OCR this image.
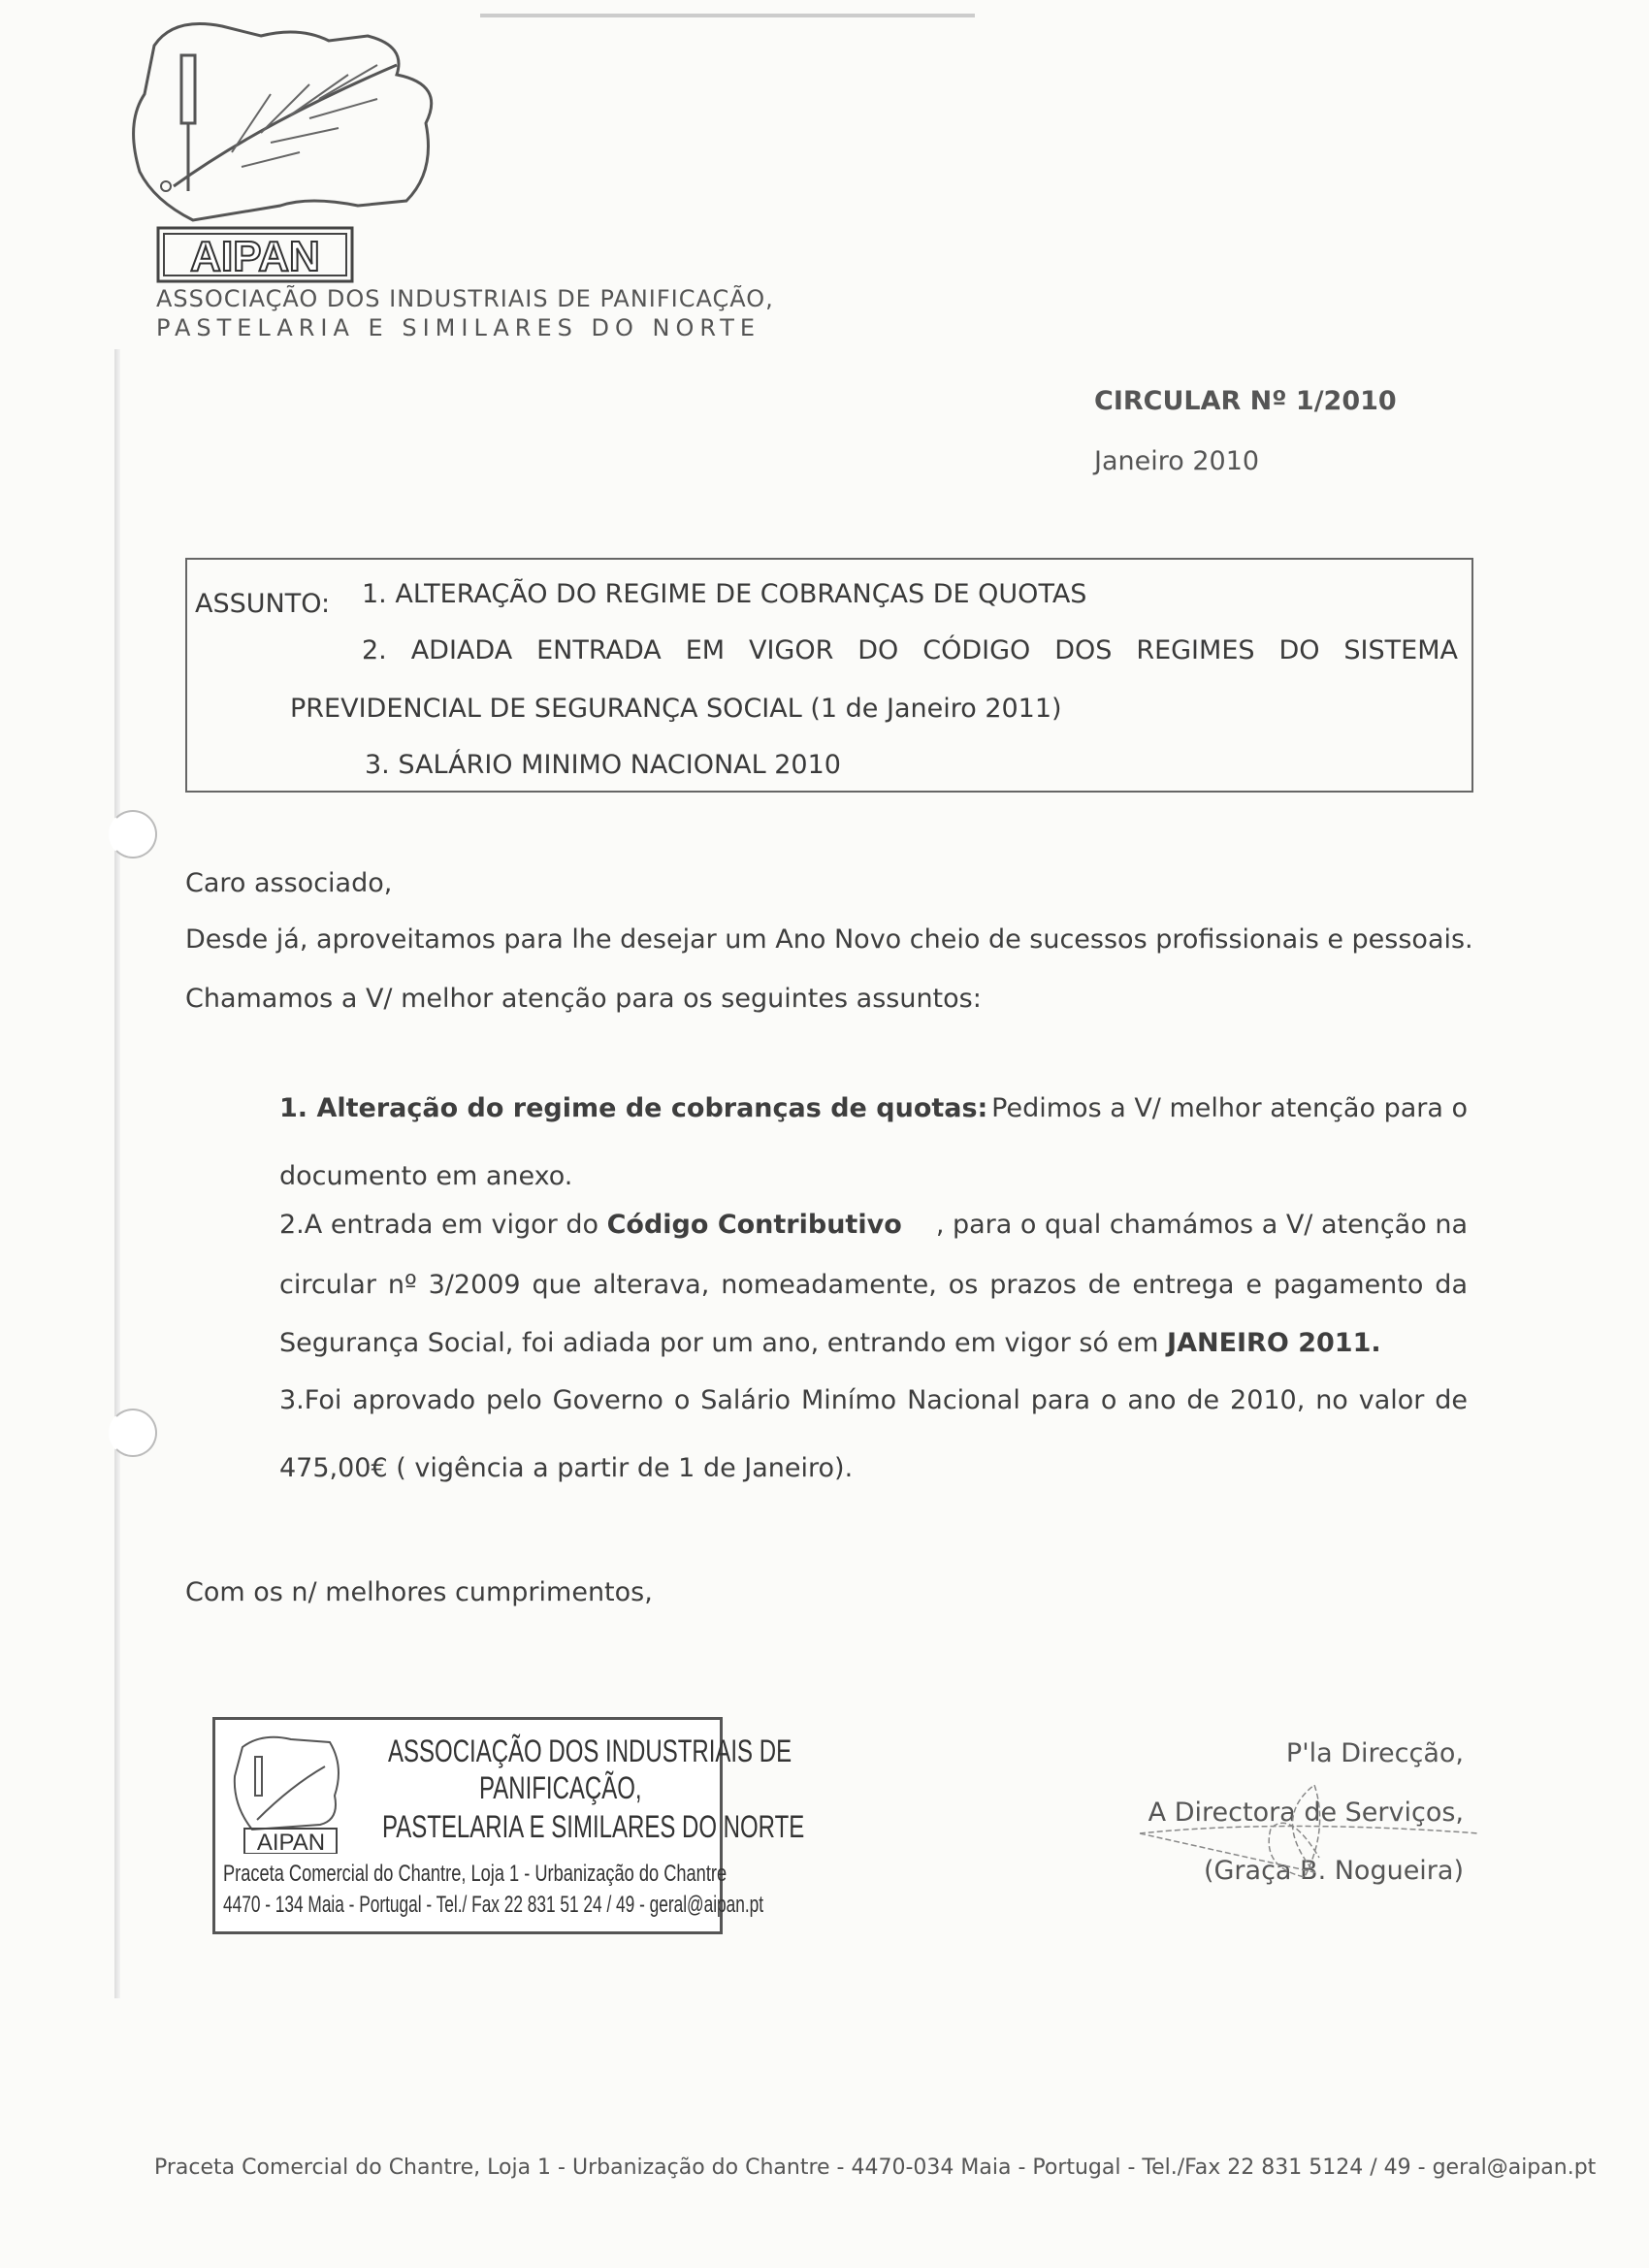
AIPAN
ASSOCIAÇÃO DOS INDUSTRIAIS DE PANIFICAÇÃO,
PASTELARIA E SIMILARES DO NORTE
CIRCULAR Nº 1/2010
Janeiro 2010
ASSUNTO: 1. ALTERAÇÃO DO REGIME DE COBRANÇAS DE QUOTAS
2. ADIADA ENTRADA EM VIGOR DO CÓDIGO DOS REGIMES DO SISTEMA
PREVIDENCIAL DE SEGURANÇA SOCIAL (1 de Janeiro 2011)
3. SALÁRIO MINIMO NACIONAL 2010
Caro associado,
Desde já, aproveitamos para lhe desejar um Ano Novo cheio de sucessos profissionais e pessoais.
Chamamos a V/ melhor atenção para os seguintes assuntos:
1. Alteração do regime de cobranças de quotas: Pedimos a V/ melhor atenção para o
documento em anexo.
2.A entrada em vigor do Código Contributivo , para o qual chamámos a V/ atenção na
circular nº 3/2009 que alterava, nomeadamente, os prazos de entrega e pagamento da
Segurança Social, foi adiada por um ano, entrando em vigor só em JANEIRO 2011.
3.Foi aprovado pelo Governo o Salário Minímo Nacional para o ano de 2010, no valor de
475,00€ ( vigência a partir de 1 de Janeiro).
Com os n/ melhores cumprimentos,
AIPAN
ASSOCIAÇÃO DOS INDUSTRIAIS DE
PANIFICAÇÃO,
PASTELARIA E SIMILARES DO NORTE
Praceta Comercial do Chantre, Loja 1 - Urbanização do Chantre
4470 - 134 Maia - Portugal - Tel./ Fax 22 831 51 24 / 49 - geral@aipan.pt
P'la Direcção,
A Directora de Serviços,
(Graça B. Nogueira)
Praceta Comercial do Chantre, Loja 1 - Urbanização do Chantre - 4470-034 Maia - Portugal - Tel./Fax 22 831 5124 / 49 - geral@aipan.pt
